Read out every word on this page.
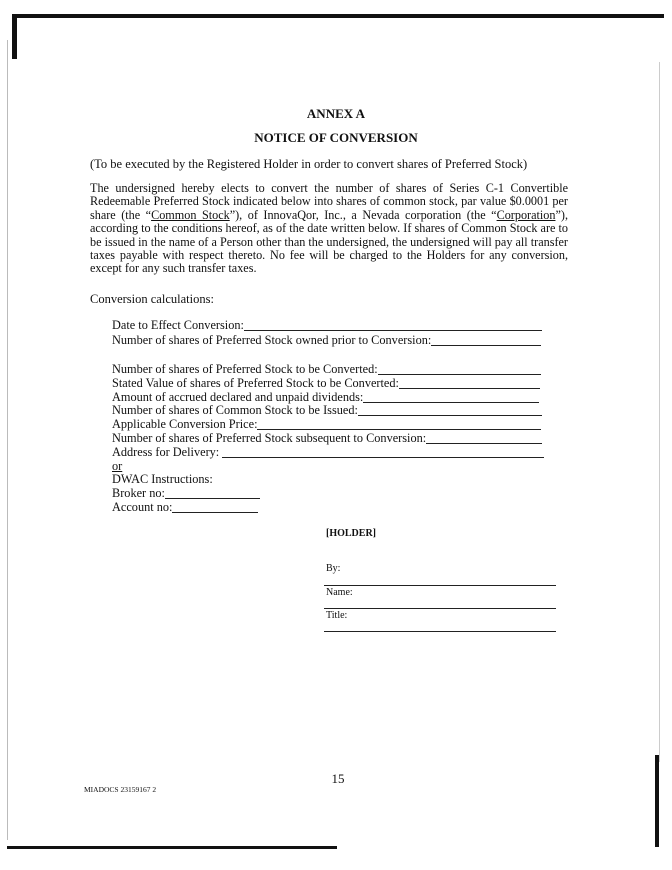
ANNEX A
NOTICE OF CONVERSION
(To be executed by the Registered Holder in order to convert shares of Preferred Stock)
The undersigned hereby elects to convert the number of shares of Series C-1 Convertible Redeemable Preferred Stock indicated below into shares of common stock, par value $0.0001 per share (the “Common Stock”), of InnovaQor, Inc., a Nevada corporation (the “Corporation”), according to the conditions hereof, as of the date written below. If shares of Common Stock are to be issued in the name of a Person other than the undersigned, the undersigned will pay all transfer taxes payable with respect thereto. No fee will be charged to the Holders for any conversion, except for any such transfer taxes.
Conversion calculations:
Date to Effect Conversion:
Number of shares of Preferred Stock owned prior to Conversion:
Number of shares of Preferred Stock to be Converted:
Stated Value of shares of Preferred Stock to be Converted:
Amount of accrued declared and unpaid dividends:
Number of shares of Common Stock to be Issued:
Applicable Conversion Price:
Number of shares of Preferred Stock subsequent to Conversion:
Address for Delivery:
or
DWAC Instructions:
Broker no:
Account no:
[HOLDER]
By:
Name:
Title:
15
MIADOCS 23159167 2
